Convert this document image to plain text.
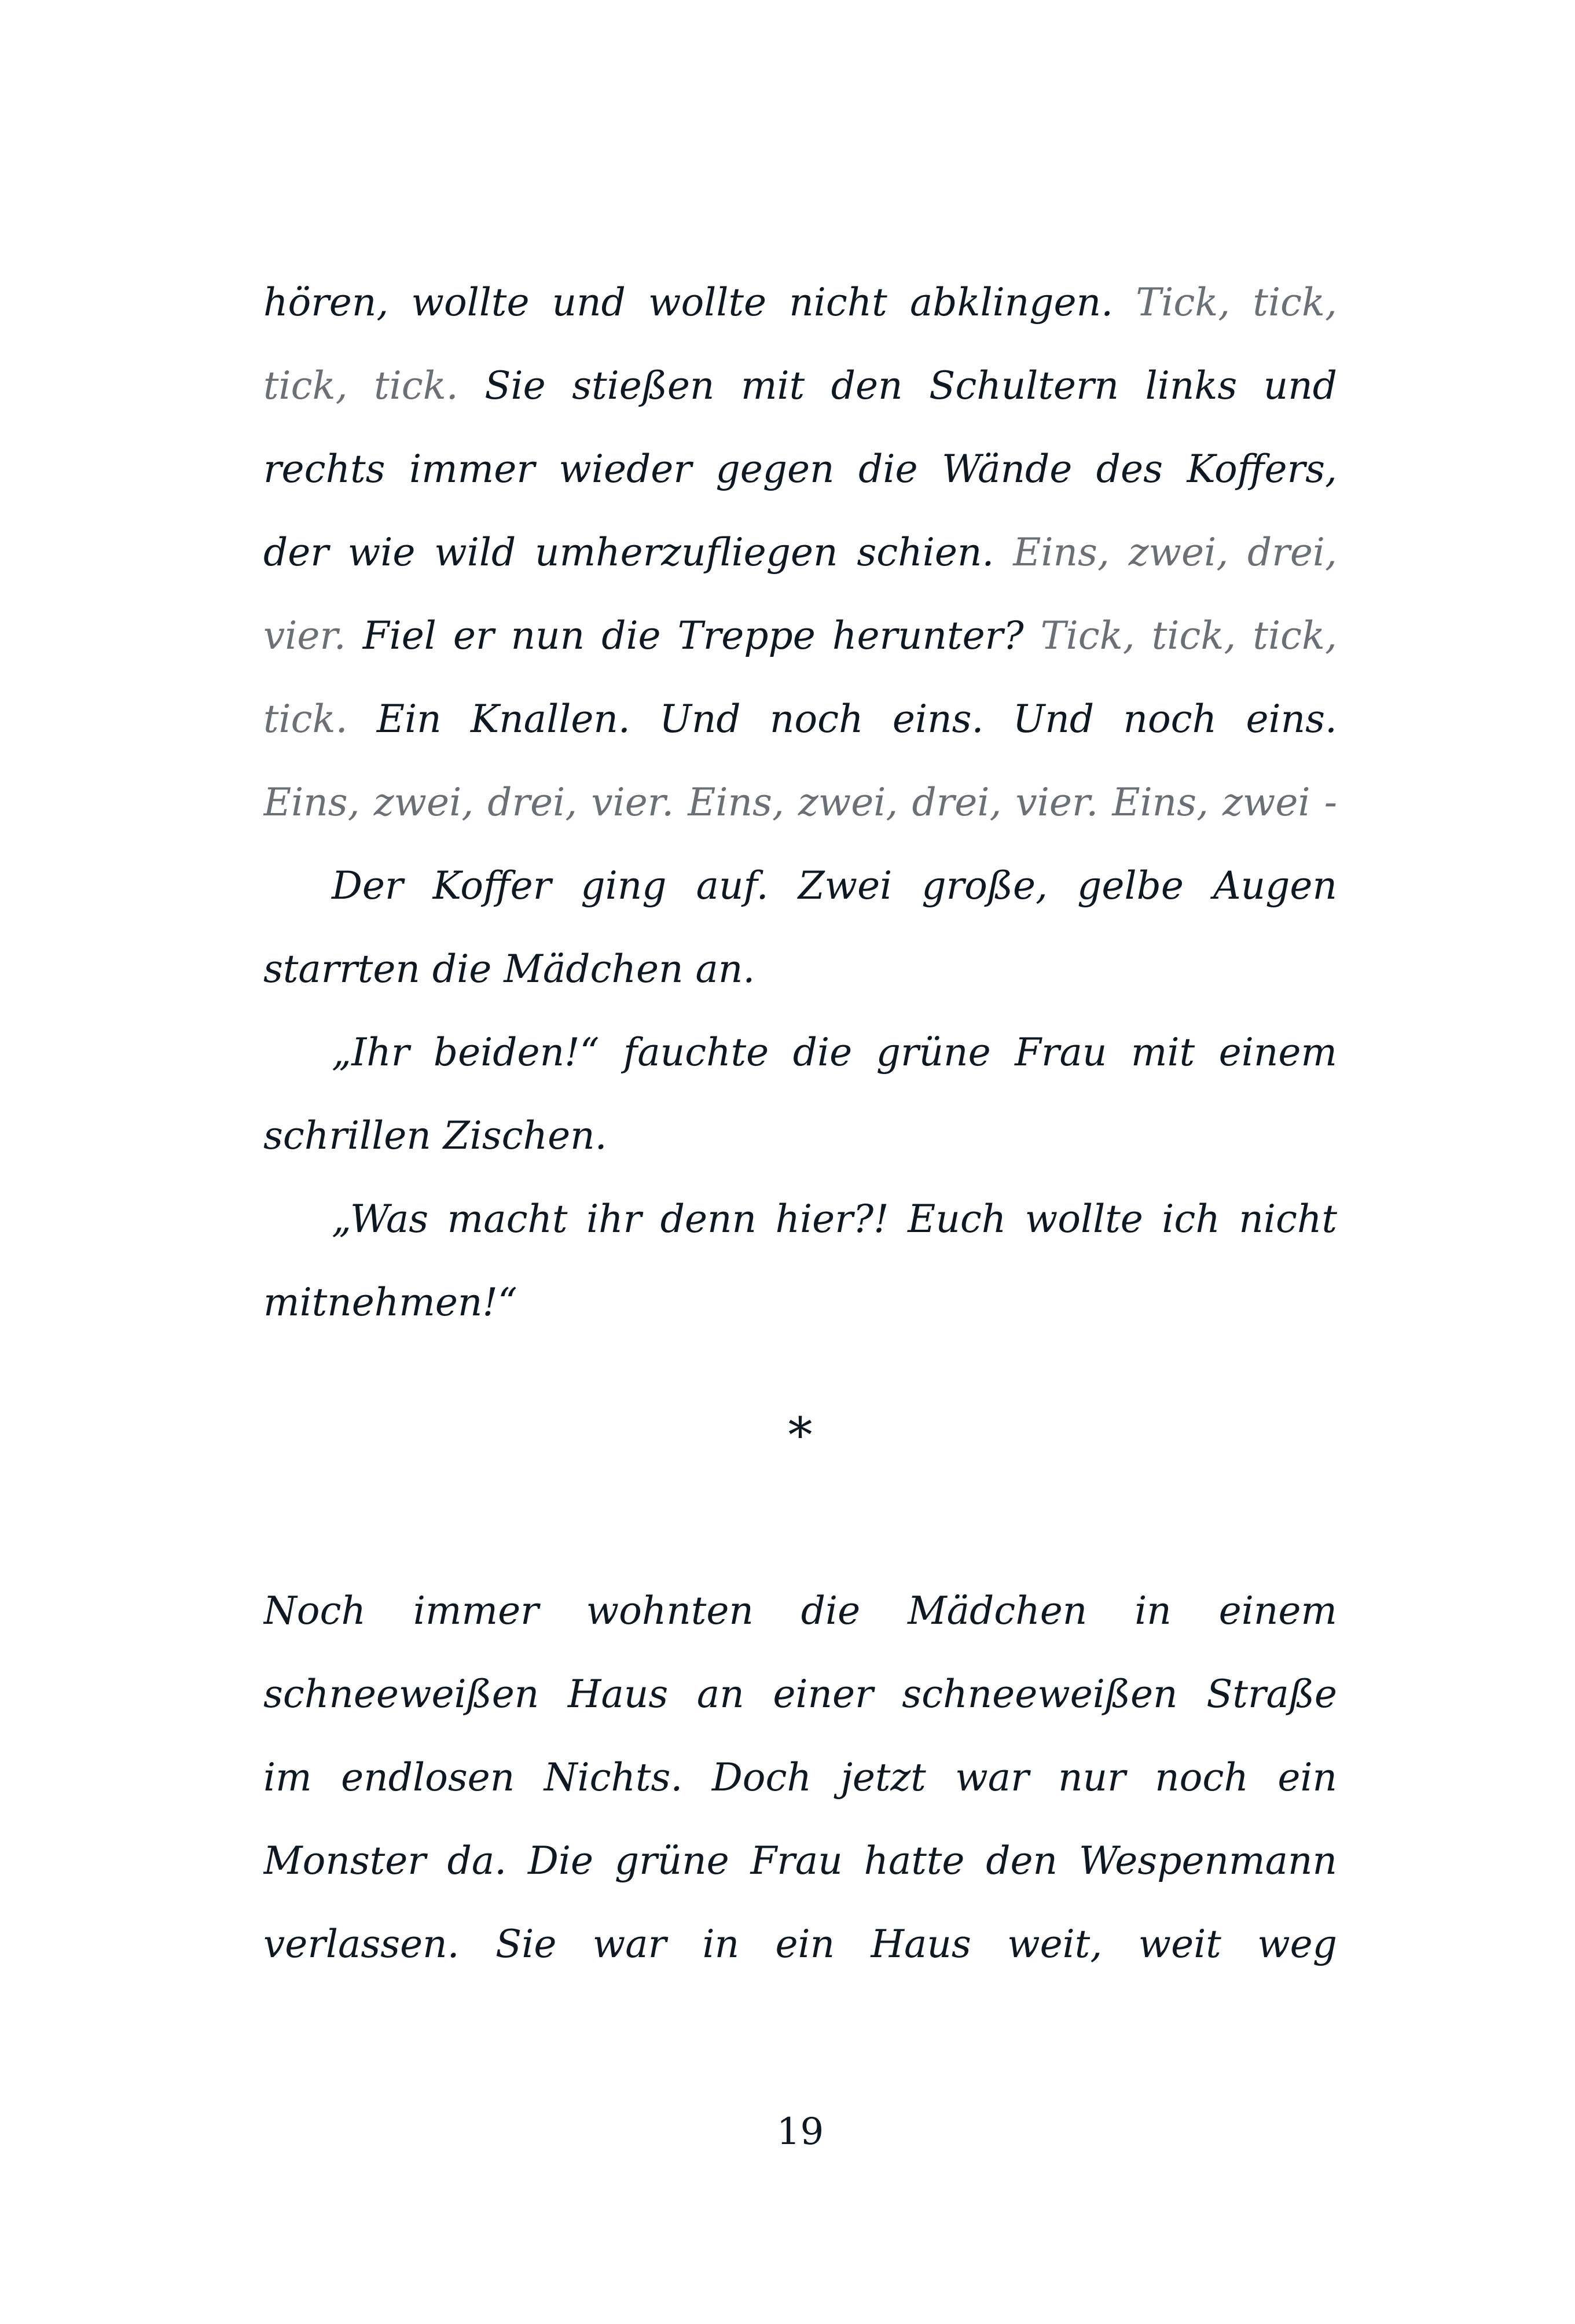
hören, wollte und wollte nicht abklingen. Tick, tick,
tick, tick. Sie stießen mit den Schultern links und
rechts immer wieder gegen die Wände des Koffers,
der wie wild umherzufliegen schien. Eins, zwei, drei,
vier. Fiel er nun die Treppe herunter? Tick, tick, tick,
tick. Ein Knallen. Und noch eins. Und noch eins.
Eins, zwei, drei, vier. Eins, zwei, drei, vier. Eins, zwei -
Der Koffer ging auf. Zwei große, gelbe Augen
starrten die Mädchen an.
„Ihr beiden!“ fauchte die grüne Frau mit einem
schrillen Zischen.
„Was macht ihr denn hier?! Euch wollte ich nicht
mitnehmen!“
*
Noch immer wohnten die Mädchen in einem
schneeweißen Haus an einer schneeweißen Straße
im endlosen Nichts. Doch jetzt war nur noch ein
Monster da. Die grüne Frau hatte den Wespenmann
verlassen. Sie war in ein Haus weit, weit weg
19
